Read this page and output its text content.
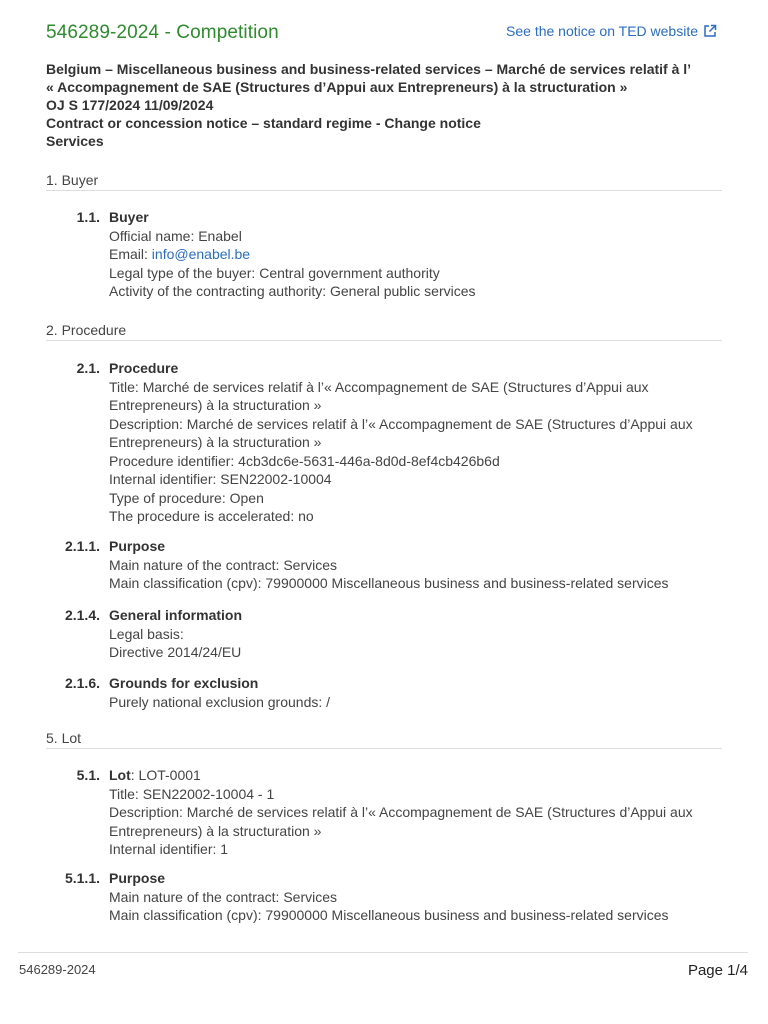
546289-2024 - Competition	See the notice on TED website
Belgium – Miscellaneous business and business-related services – Marché de services relatif à l’
« Accompagnement de SAE (Structures d’Appui aux Entrepreneurs) à la structuration »
OJ S 177/2024 11/09/2024
Contract or concession notice – standard regime - Change notice
Services
1. Buyer
1.1. Buyer
Official name: Enabel
Email: info@enabel.be
Legal type of the buyer: Central government authority
Activity of the contracting authority: General public services
2. Procedure
2.1. Procedure
Title: Marché de services relatif à l’« Accompagnement de SAE (Structures d’Appui aux
Entrepreneurs) à la structuration »
Description: Marché de services relatif à l’« Accompagnement de SAE (Structures d’Appui aux
Entrepreneurs) à la structuration »
Procedure identifier: 4cb3dc6e-5631-446a-8d0d-8ef4cb426b6d
Internal identifier: SEN22002-10004
Type of procedure: Open
The procedure is accelerated: no
2.1.1. Purpose
Main nature of the contract: Services
Main classification (cpv): 79900000 Miscellaneous business and business-related services
2.1.4. General information
Legal basis:
Directive 2014/24/EU
2.1.6. Grounds for exclusion
Purely national exclusion grounds: /
5. Lot
5.1. Lot: LOT-0001
Title: SEN22002-10004 - 1
Description: Marché de services relatif à l’« Accompagnement de SAE (Structures d’Appui aux
Entrepreneurs) à la structuration »
Internal identifier: 1
5.1.1. Purpose
Main nature of the contract: Services
Main classification (cpv): 79900000 Miscellaneous business and business-related services
546289-2024	Page 1/4
